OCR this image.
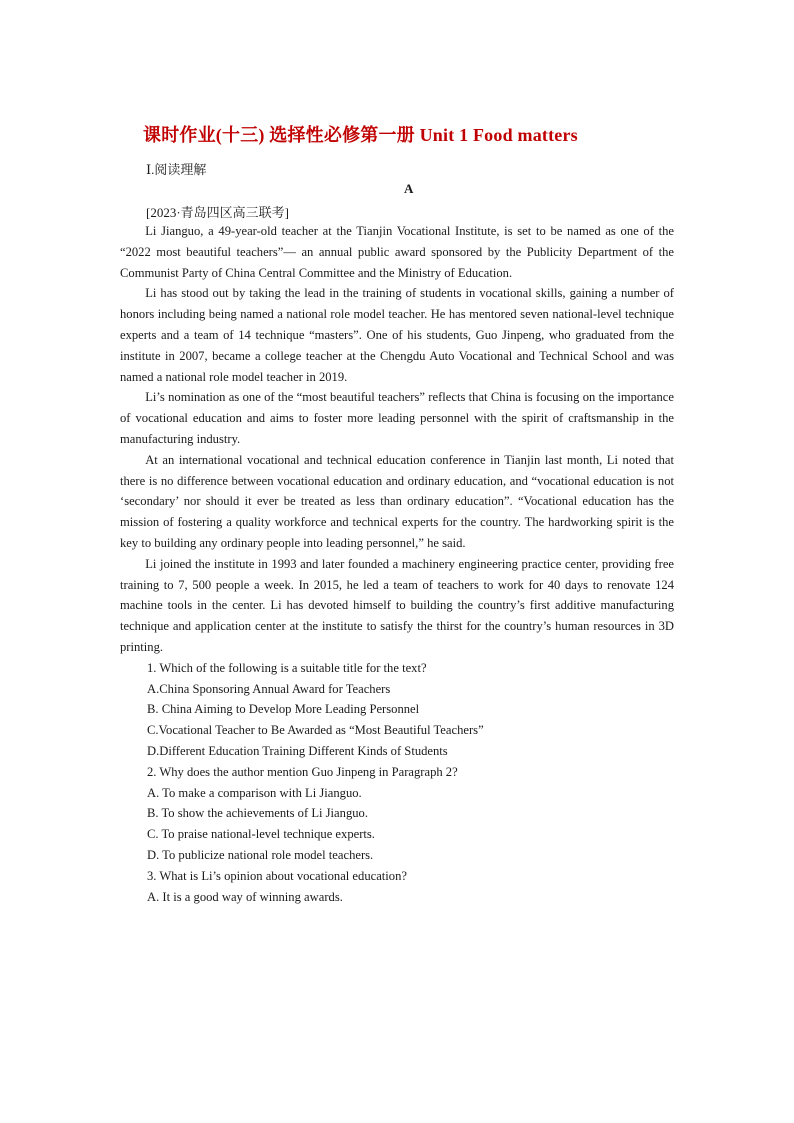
课时作业(十三) 选择性必修第一册 Unit 1 Food matters
Ⅰ.阅读理解
A
[2023·青岛四区高三联考]

Li Jianguo, a 49-year-old teacher at the Tianjin Vocational Institute, is set to be named as one of the “2022 most beautiful teachers”— an annual public award sponsored by the Publicity Department of the Communist Party of China Central Committee and the Ministry of Education.

Li has stood out by taking the lead in the training of students in vocational skills, gaining a number of honors including being named a national role model teacher. He has mentored seven national-level technique experts and a team of 14 technique “masters”. One of his students, Guo Jinpeng, who graduated from the institute in 2007, became a college teacher at the Chengdu Auto Vocational and Technical School and was named a national role model teacher in 2019.

Li’s nomination as one of the “most beautiful teachers” reflects that China is focusing on the importance of vocational education and aims to foster more leading personnel with the spirit of craftsmanship in the manufacturing industry.

At an international vocational and technical education conference in Tianjin last month, Li noted that there is no difference between vocational education and ordinary education, and “vocational education is not ‘secondary’ nor should it ever be treated as less than ordinary education”. “Vocational education has the mission of fostering a quality workforce and technical experts for the country. The hardworking spirit is the key to building any ordinary people into leading personnel,” he said.

Li joined the institute in 1993 and later founded a machinery engineering practice center, providing free training to 7, 500 people a week. In 2015, he led a team of teachers to work for 40 days to renovate 124 machine tools in the center. Li has devoted himself to building the country’s first additive manufacturing technique and application center at the institute to satisfy the thirst for the country’s human resources in 3D printing.

1. Which of the following is a suitable title for the text?

A.China Sponsoring Annual Award for Teachers

B. China Aiming to Develop More Leading Personnel

C.Vocational Teacher to Be Awarded as “Most Beautiful Teachers”

D.Different Education Training Different Kinds of Students

2. Why does the author mention Guo Jinpeng in Paragraph 2?

A. To make a comparison with Li Jianguo.

B. To show the achievements of Li Jianguo.

C. To praise national-level technique experts.

D. To publicize national role model teachers.

3. What is Li’s opinion about vocational education?

A. It is a good way of winning awards.
